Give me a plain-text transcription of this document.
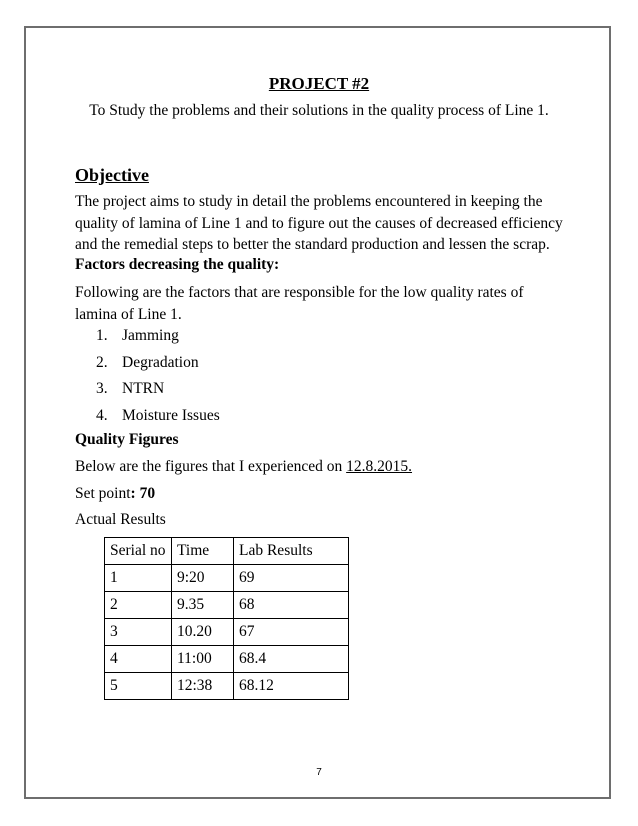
PROJECT #2
To Study the problems and their solutions in the quality process of Line 1.
Objective
The project aims to study in detail the problems encountered in keeping the quality of lamina of Line 1 and to figure out the causes of decreased efficiency and the remedial steps to better the standard production and lessen the scrap.
Factors decreasing the quality:
Following are the factors that are responsible for the low quality rates of lamina of Line 1.
1. Jamming
2. Degradation
3. NTRN
4. Moisture Issues
Quality Figures
Below are the figures that I experienced on 12.8.2015.
Set point: 70
Actual Results
Serial no	Time	Lab Results
1	9:20	69
2	9.35	68
3	10.20	67
4	11:00	68.4
5	12:38	68.12
7
